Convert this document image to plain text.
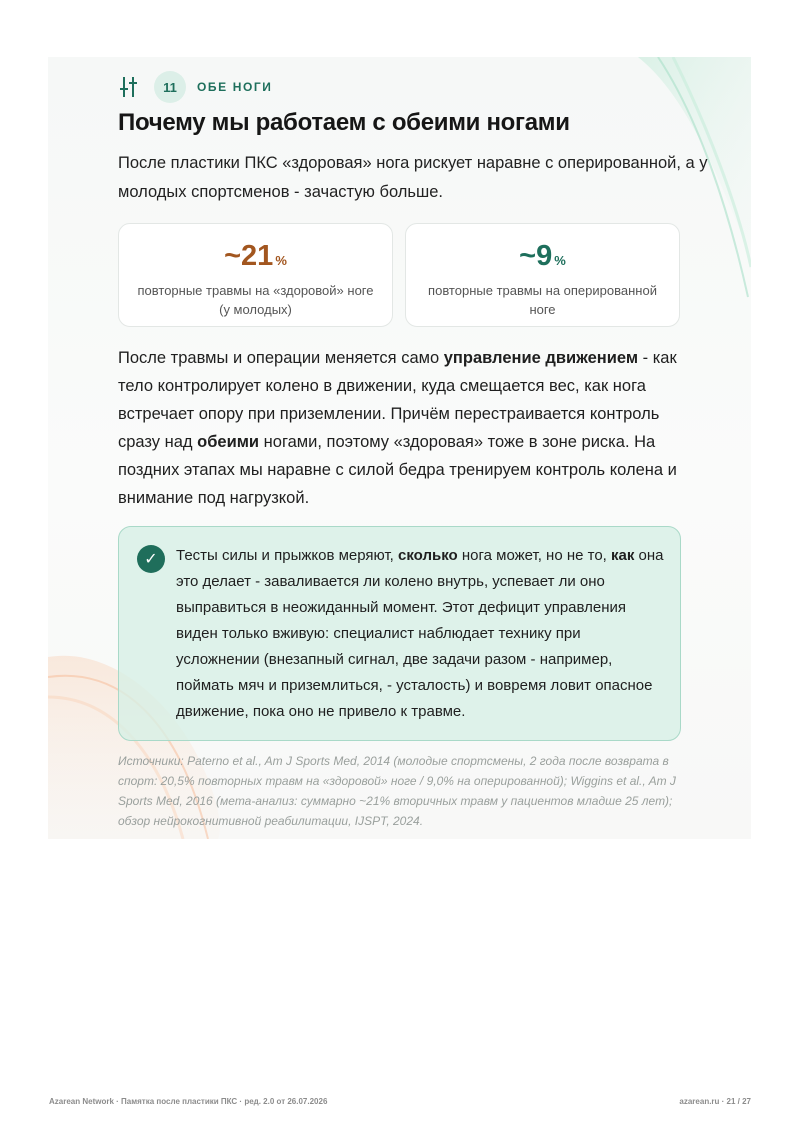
11	ОБЕ НОГИ
Почему мы работаем с обеими ногами

После пластики ПКС «здоровая» нога рискует наравне с оперированной, а у молодых спортсменов - зачастую больше.

~21 %
повторные травмы на «здоровой» ноге (у молодых)
~9 %
повторные травмы на оперированной ноге

После травмы и операции меняется само управление движением - как тело контролирует колено в движении, куда смещается вес, как нога встречает опору при приземлении. Причём перестраивается контроль сразу над обеими ногами, поэтому «здоровая» тоже в зоне риска. На поздних этапах мы наравне с силой бедра тренируем контроль колена и внимание под нагрузкой.

✓	Тесты силы и прыжков меряют, сколько нога может, но не то, как она это делает - заваливается ли колено внутрь, успевает ли оно выправиться в неожиданный момент. Этот дефицит управления виден только вживую: специалист наблюдает технику при усложнении (внезапный сигнал, две задачи разом - например, поймать мяч и приземлиться, - усталость) и вовремя ловит опасное движение, пока оно не привело к травме.

Источники: Paterno et al., Am J Sports Med, 2014 (молодые спортсмены, 2 года после возврата в спорт: 20,5% повторных травм на «здоровой» ноге / 9,0% на оперированной); Wiggins et al., Am J Sports Med, 2016 (мета-анализ: суммарно ~21% вторичных травм у пациентов младше 25 лет); обзор нейрокогнитивной реабилитации, IJSPT, 2024.

Azarean Network · Памятка после пластики ПКС · ред. 2.0 от 26.07.2026	azarean.ru · 21 / 27
